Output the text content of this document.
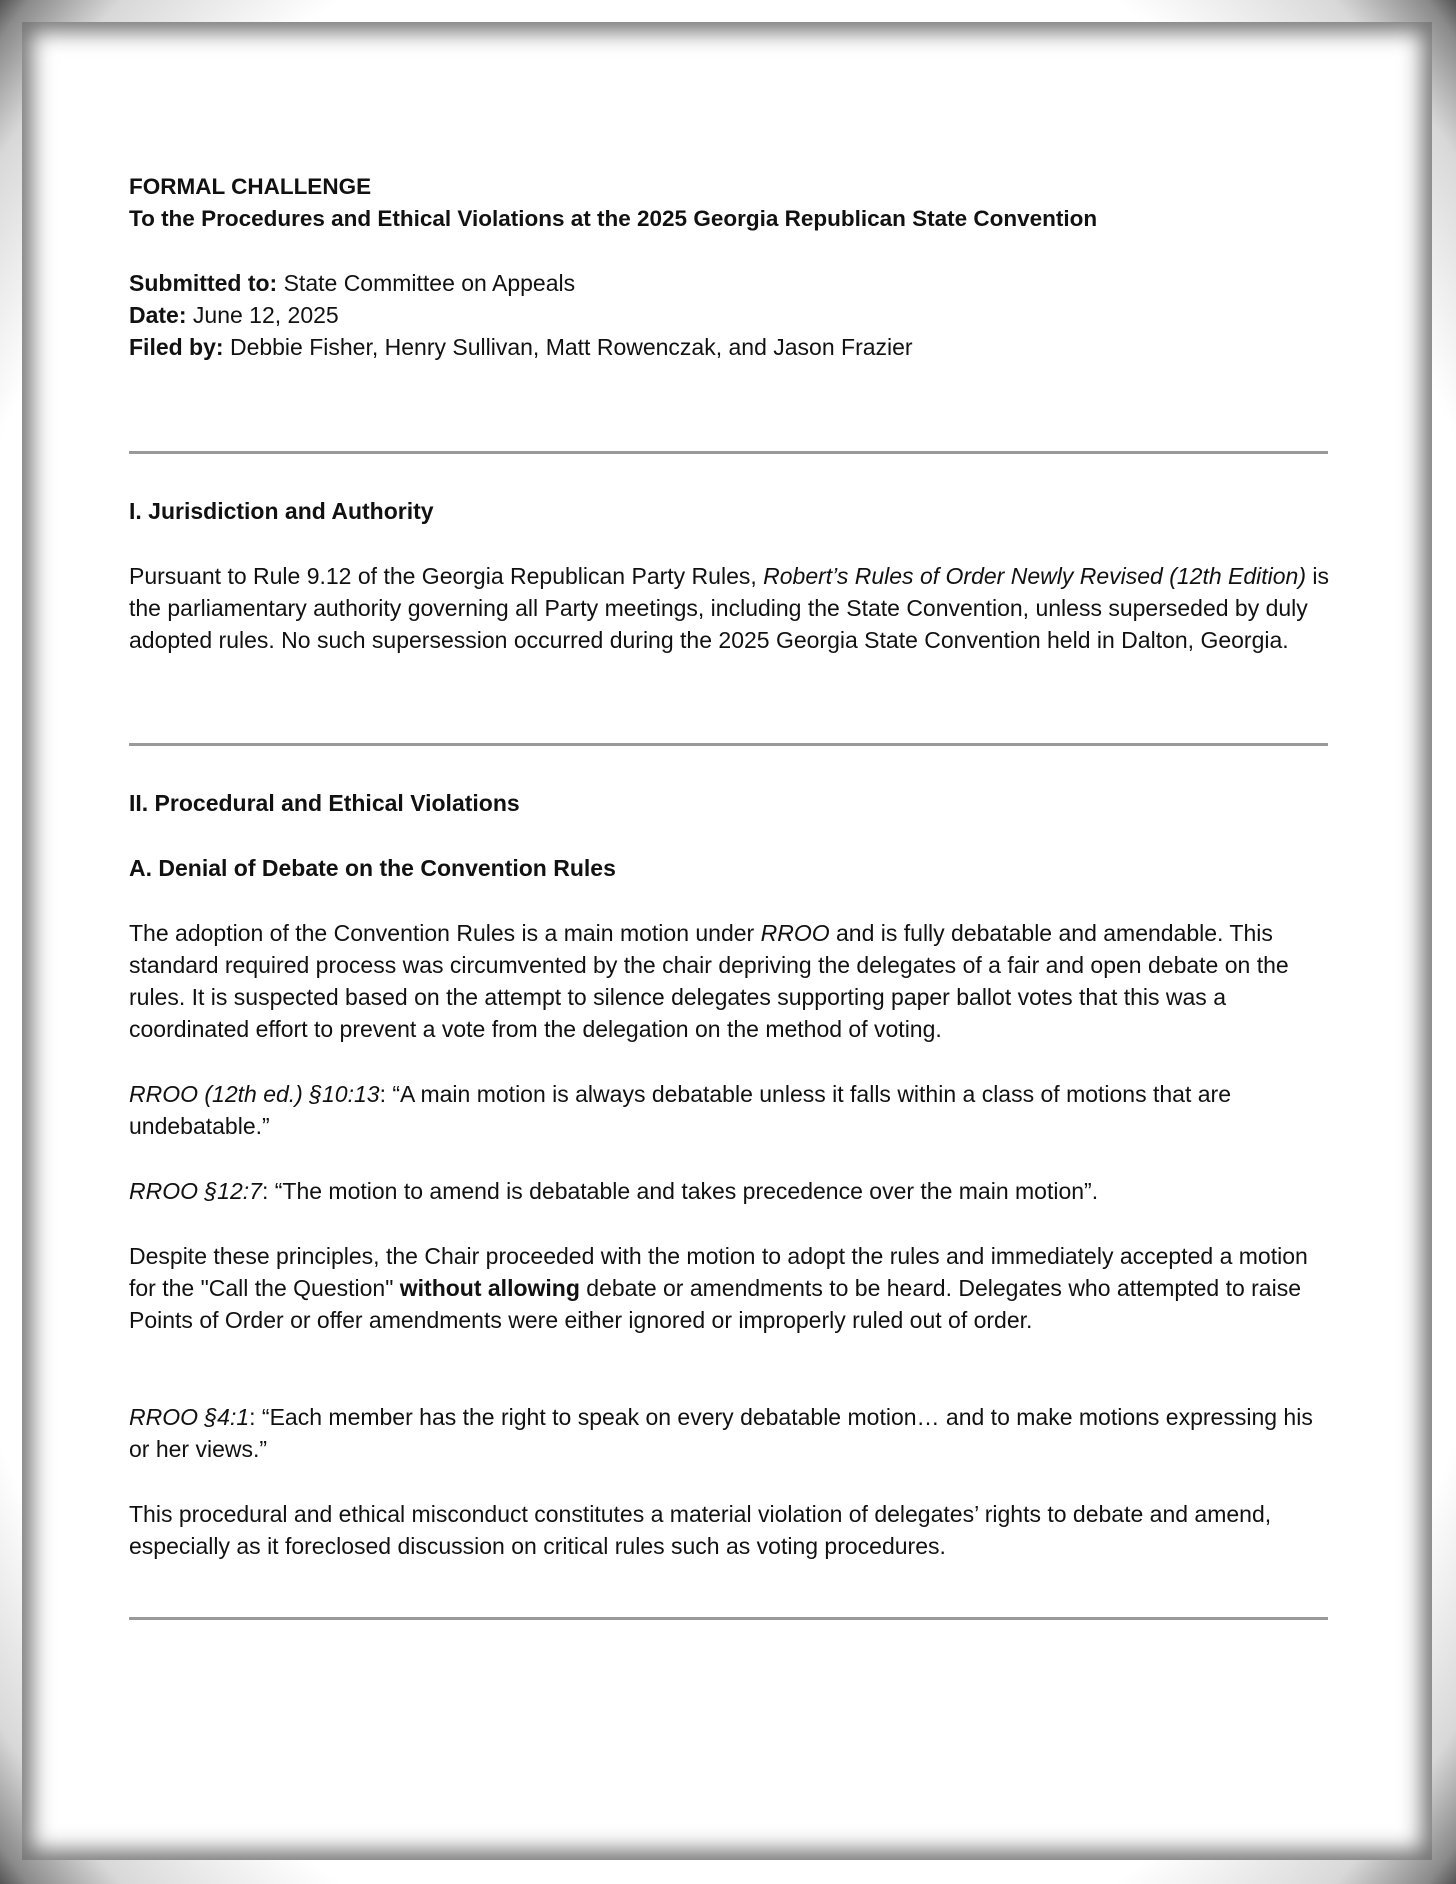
FORMAL CHALLENGE

To the Procedures and Ethical Violations at the 2025 Georgia Republican State Convention

Submitted to: State Committee on Appeals

Date: June 12, 2025

Filed by: Debbie Fisher, Henry Sullivan, Matt Rowenczak, and Jason Frazier

I. Jurisdiction and Authority

Pursuant to Rule 9.12 of the Georgia Republican Party Rules, Robert’s Rules of Order Newly Revised (12th Edition) is the parliamentary authority governing all Party meetings, including the State Convention, unless superseded by duly adopted rules. No such supersession occurred during the 2025 Georgia State Convention held in Dalton, Georgia.

II. Procedural and Ethical Violations

A. Denial of Debate on the Convention Rules

The adoption of the Convention Rules is a main motion under RROO and is fully debatable and amendable. This standard required process was circumvented by the chair depriving the delegates of a fair and open debate on the rules. It is suspected based on the attempt to silence delegates supporting paper ballot votes that this was a coordinated effort to prevent a vote from the delegation on the method of voting.

RROO (12th ed.) §10:13: “A main motion is always debatable unless it falls within a class of motions that are undebatable.”

RROO §12:7: “The motion to amend is debatable and takes precedence over the main motion”.

Despite these principles, the Chair proceeded with the motion to adopt the rules and immediately accepted a motion for the "Call the Question" without allowing debate or amendments to be heard. Delegates who attempted to raise Points of Order or offer amendments were either ignored or improperly ruled out of order.

RROO §4:1: “Each member has the right to speak on every debatable motion… and to make motions expressing his or her views.”

This procedural and ethical misconduct constitutes a material violation of delegates’ rights to debate and amend, especially as it foreclosed discussion on critical rules such as voting procedures.
